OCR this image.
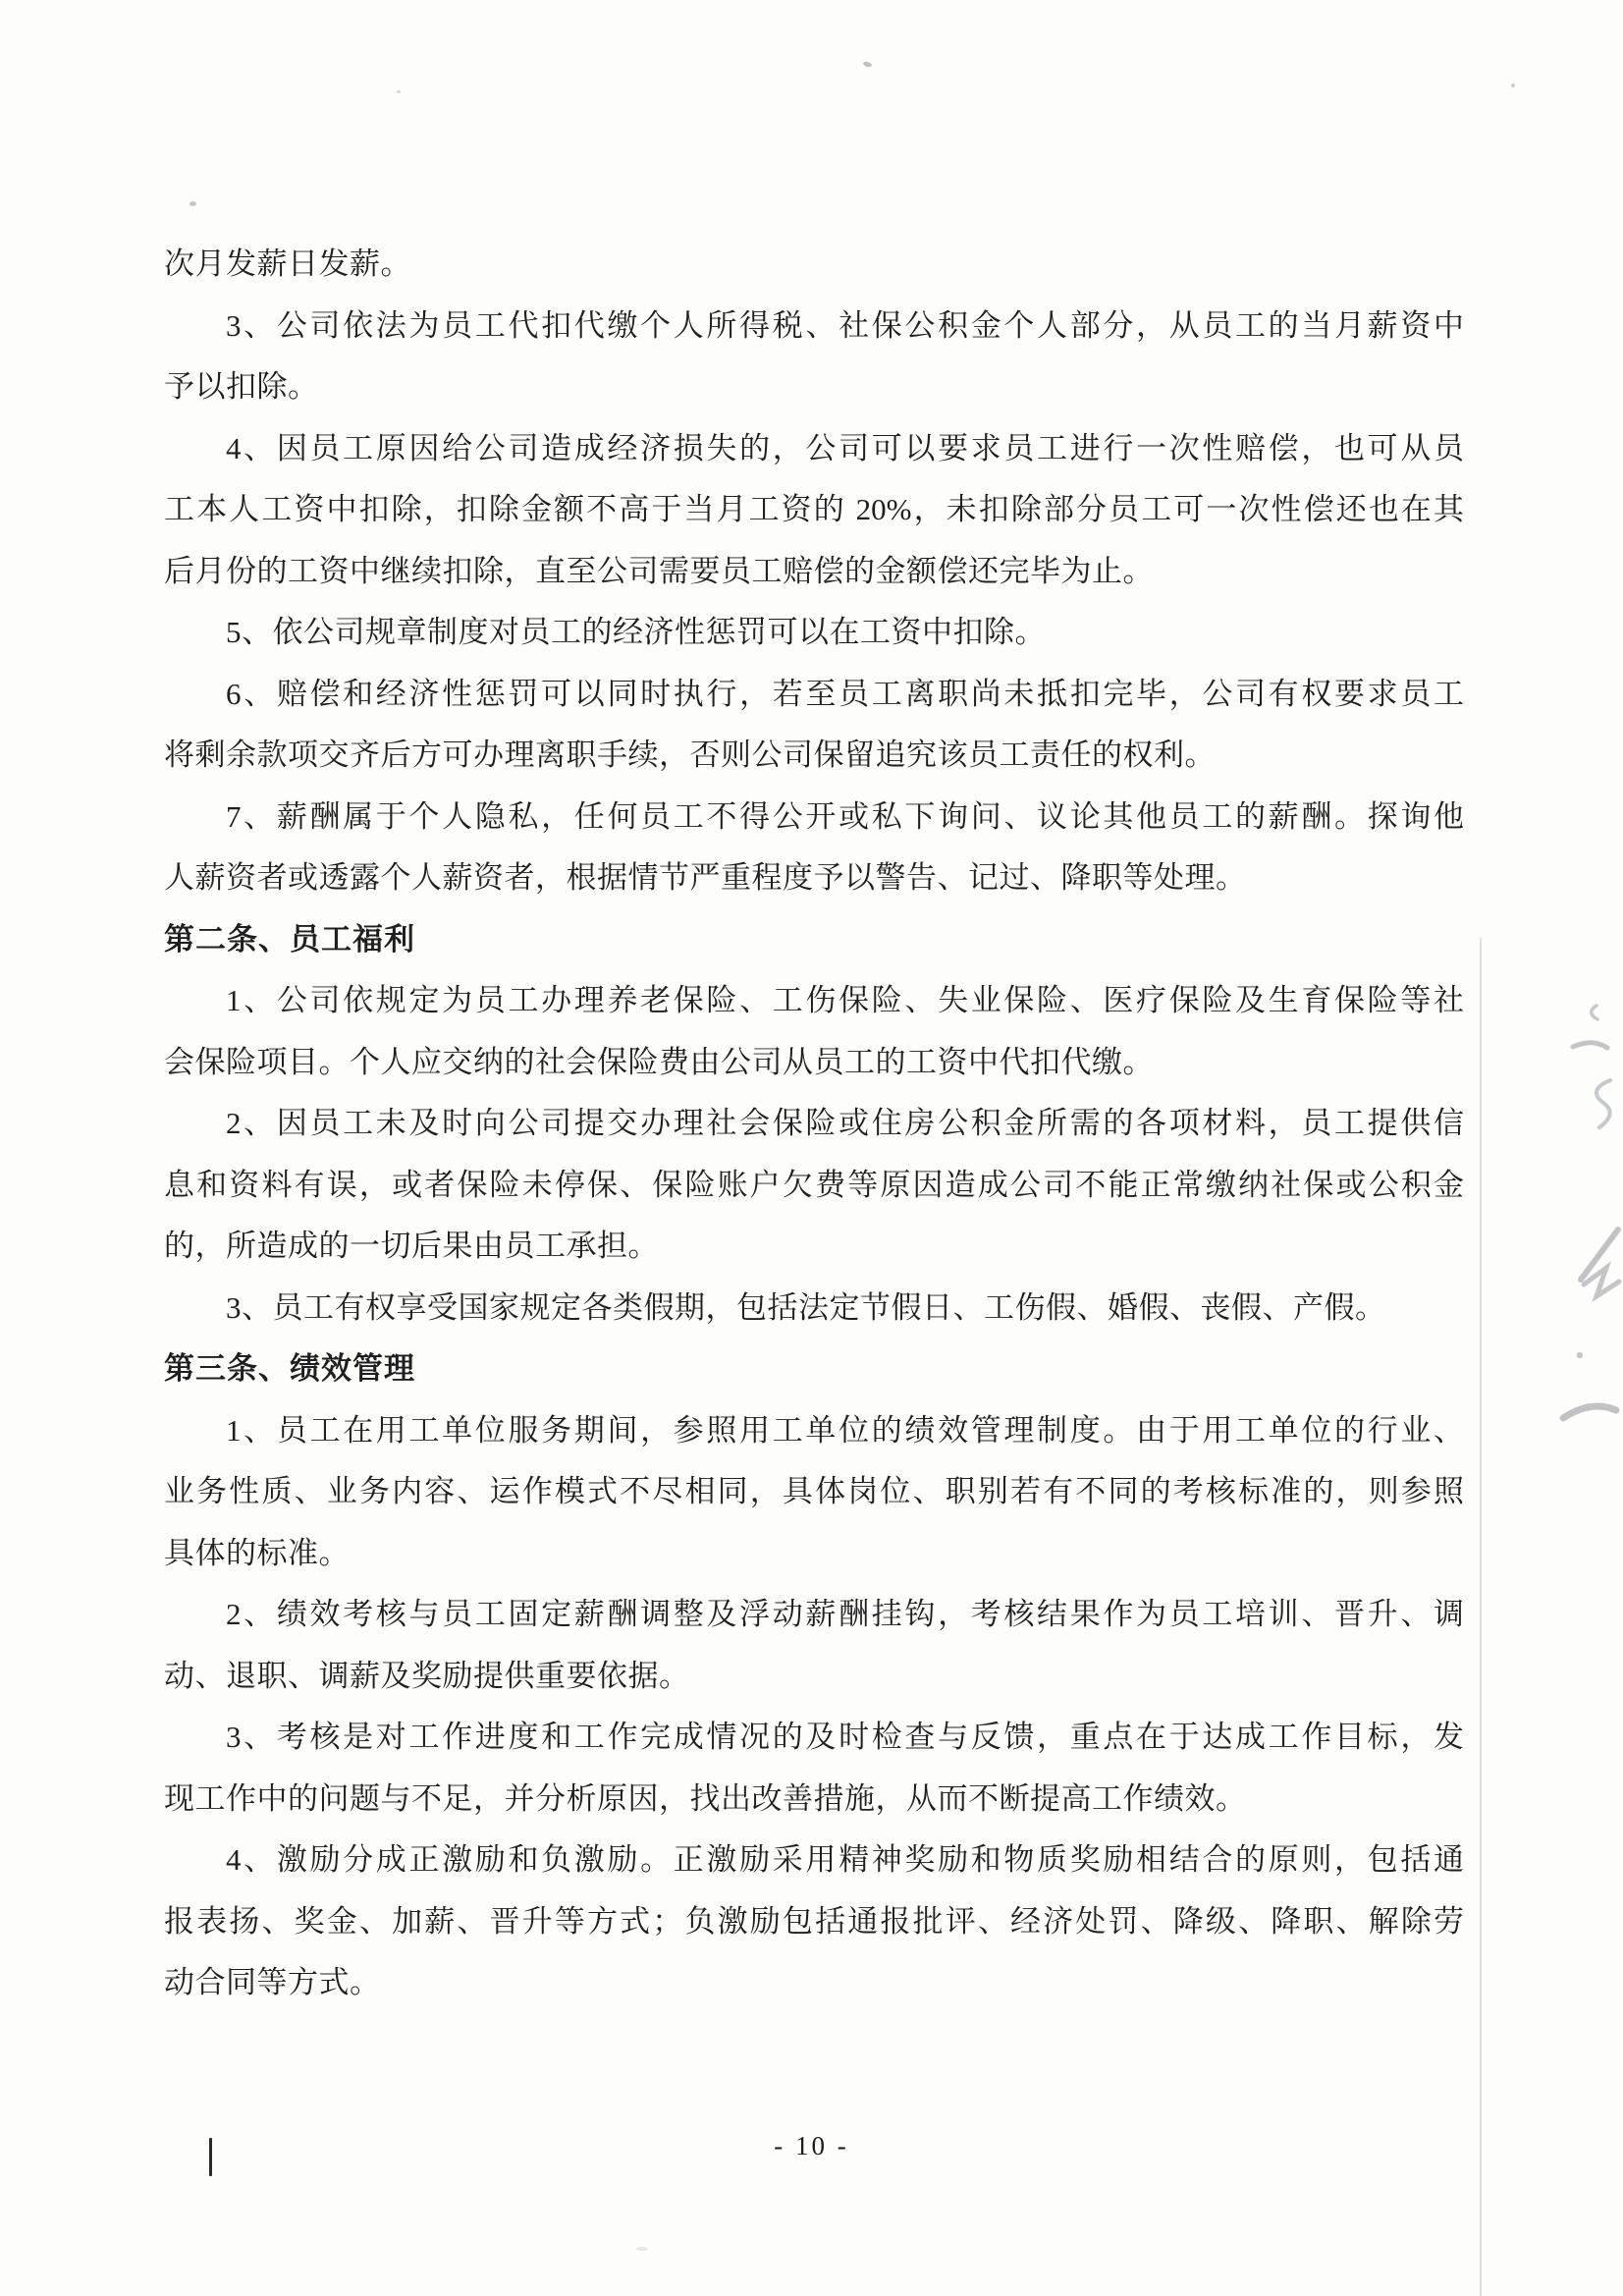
次月发薪日发薪。
3、公司依法为员工代扣代缴个人所得税、社保公积金个人部分，从员工的当月薪资中
予以扣除。
4、因员工原因给公司造成经济损失的，公司可以要求员工进行一次性赔偿，也可从员
工本人工资中扣除，扣除金额不高于当月工资的 20%，未扣除部分员工可一次性偿还也在其
后月份的工资中继续扣除，直至公司需要员工赔偿的金额偿还完毕为止。
5、依公司规章制度对员工的经济性惩罚可以在工资中扣除。
6、赔偿和经济性惩罚可以同时执行，若至员工离职尚未抵扣完毕，公司有权要求员工
将剩余款项交齐后方可办理离职手续，否则公司保留追究该员工责任的权利。
7、薪酬属于个人隐私，任何员工不得公开或私下询问、议论其他员工的薪酬。探询他
人薪资者或透露个人薪资者，根据情节严重程度予以警告、记过、降职等处理。
第二条、员工福利
1、公司依规定为员工办理养老保险、工伤保险、失业保险、医疗保险及生育保险等社
会保险项目。个人应交纳的社会保险费由公司从员工的工资中代扣代缴。
2、因员工未及时向公司提交办理社会保险或住房公积金所需的各项材料，员工提供信
息和资料有误，或者保险未停保、保险账户欠费等原因造成公司不能正常缴纳社保或公积金
的，所造成的一切后果由员工承担。
3、员工有权享受国家规定各类假期，包括法定节假日、工伤假、婚假、丧假、产假。
第三条、绩效管理
1、员工在用工单位服务期间，参照用工单位的绩效管理制度。由于用工单位的行业、
业务性质、业务内容、运作模式不尽相同，具体岗位、职别若有不同的考核标准的，则参照
具体的标准。
2、绩效考核与员工固定薪酬调整及浮动薪酬挂钩，考核结果作为员工培训、晋升、调
动、退职、调薪及奖励提供重要依据。
3、考核是对工作进度和工作完成情况的及时检查与反馈，重点在于达成工作目标，发
现工作中的问题与不足，并分析原因，找出改善措施，从而不断提高工作绩效。
4、激励分成正激励和负激励。正激励采用精神奖励和物质奖励相结合的原则，包括通
报表扬、奖金、加薪、晋升等方式；负激励包括通报批评、经济处罚、降级、降职、解除劳
动合同等方式。
- 10 -
